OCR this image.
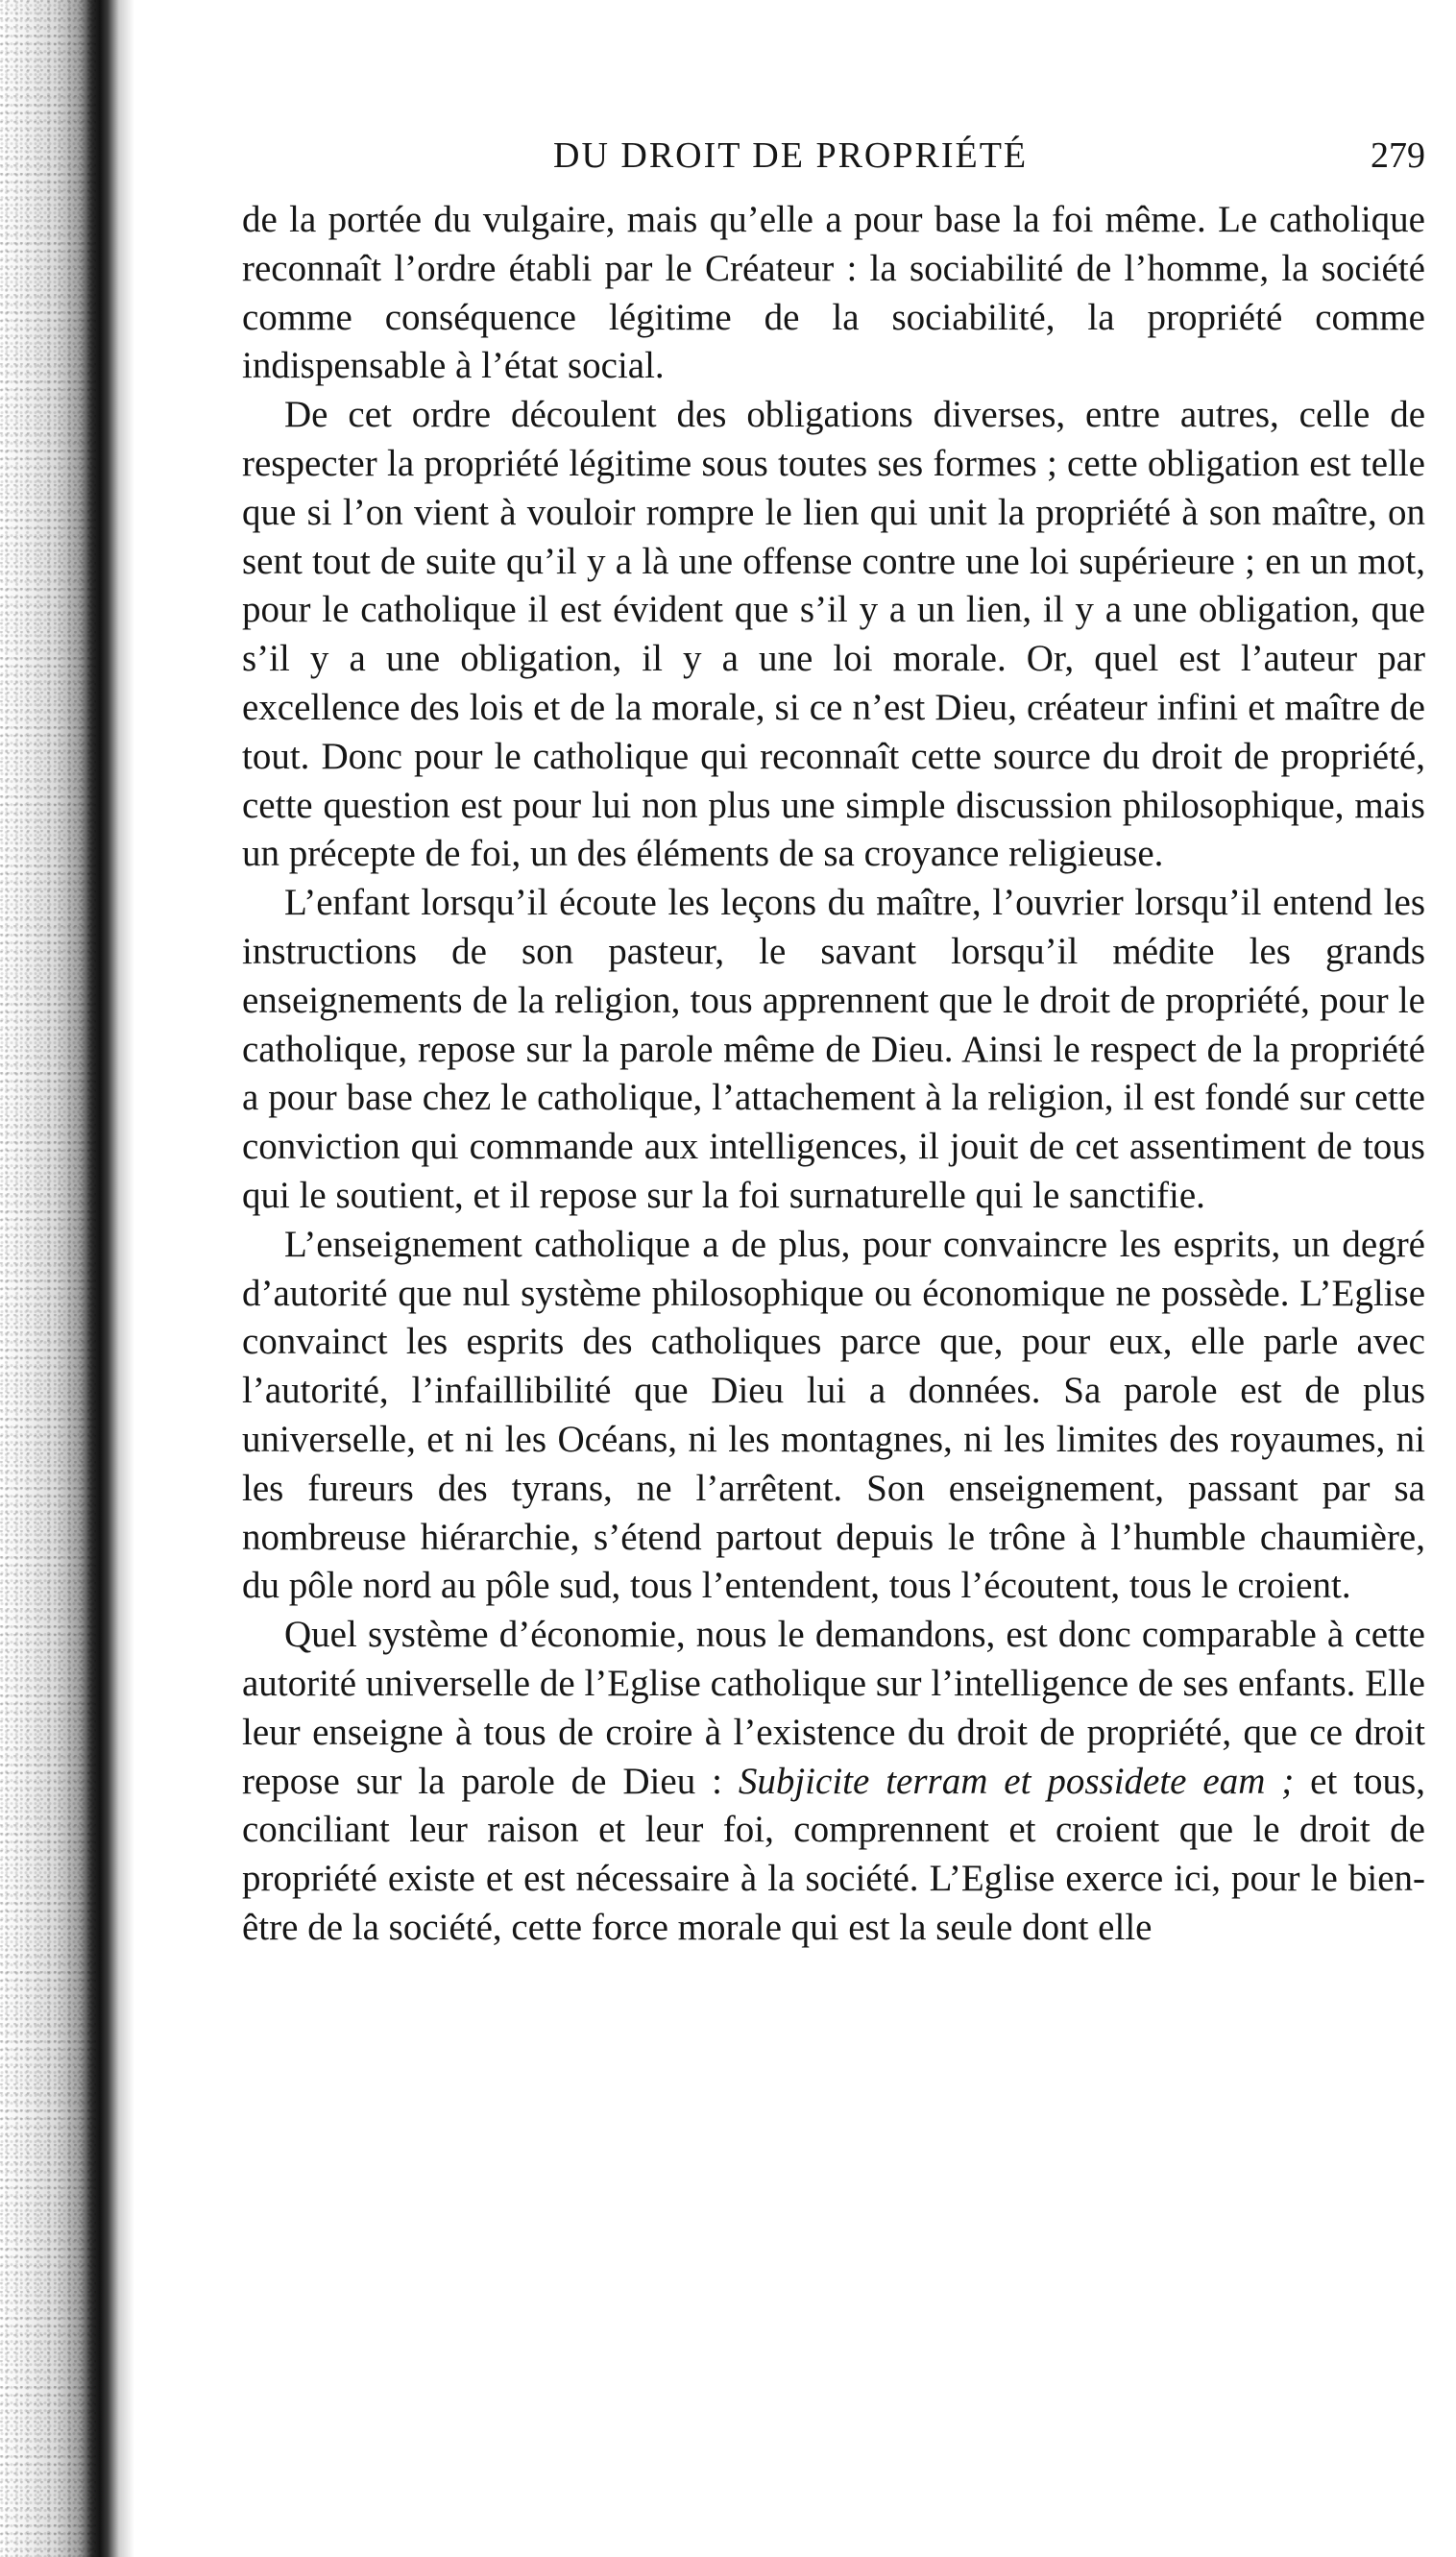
DU DROIT DE PROPRIÉTÉ	279

de la portée du vulgaire, mais qu’elle a pour base la foi même. Le catholique reconnaît l’ordre établi par le Créateur : la sociabilité de l’homme, la société comme conséquence légitime de la sociabilité, la propriété comme indispensable à l’état social.

De cet ordre découlent des obligations diverses, entre autres, celle de respecter la propriété légitime sous toutes ses formes ; cette obligation est telle que si l’on vient à vouloir rompre le lien qui unit la propriété à son maître, on sent tout de suite qu’il y a là une offense contre une loi supérieure ; en un mot, pour le catholique il est évident que s’il y a un lien, il y a une obligation, que s’il y a une obligation, il y a une loi morale. Or, quel est l’auteur par excellence des lois et de la morale, si ce n’est Dieu, créateur infini et maître de tout. Donc pour le catholique qui reconnaît cette source du droit de propriété, cette question est pour lui non plus une simple discussion philosophique, mais un précepte de foi, un des éléments de sa croyance religieuse.

L’enfant lorsqu’il écoute les leçons du maître, l’ouvrier lorsqu’il entend les instructions de son pasteur, le savant lorsqu’il médite les grands enseignements de la religion, tous apprennent que le droit de propriété, pour le catholique, repose sur la parole même de Dieu. Ainsi le respect de la propriété a pour base chez le catholique, l’attachement à la religion, il est fondé sur cette conviction qui commande aux intelligences, il jouit de cet assentiment de tous qui le soutient, et il repose sur la foi surnaturelle qui le sanctifie.

L’enseignement catholique a de plus, pour convaincre les esprits, un degré d’autorité que nul système philosophique ou économique ne possède. L’Eglise convainct les esprits des catholiques parce que, pour eux, elle parle avec l’autorité, l’infaillibilité que Dieu lui a données. Sa parole est de plus universelle, et ni les Océans, ni les montagnes, ni les limites des royaumes, ni les fureurs des tyrans, ne l’arrêtent. Son enseignement, passant par sa nombreuse hiérarchie, s’étend partout depuis le trône à l’humble chaumière, du pôle nord au pôle sud, tous l’entendent, tous l’écoutent, tous le croient.

Quel système d’économie, nous le demandons, est donc comparable à cette autorité universelle de l’Eglise catholique sur l’intelligence de ses enfants. Elle leur enseigne à tous de croire à l’existence du droit de propriété, que ce droit repose sur la parole de Dieu : Subjicite terram et possidete eam ; et tous, conciliant leur raison et leur foi, comprennent et croient que le droit de propriété existe et est nécessaire à la société. L’Eglise exerce ici, pour le bien-être de la société, cette force morale qui est la seule dont elle
